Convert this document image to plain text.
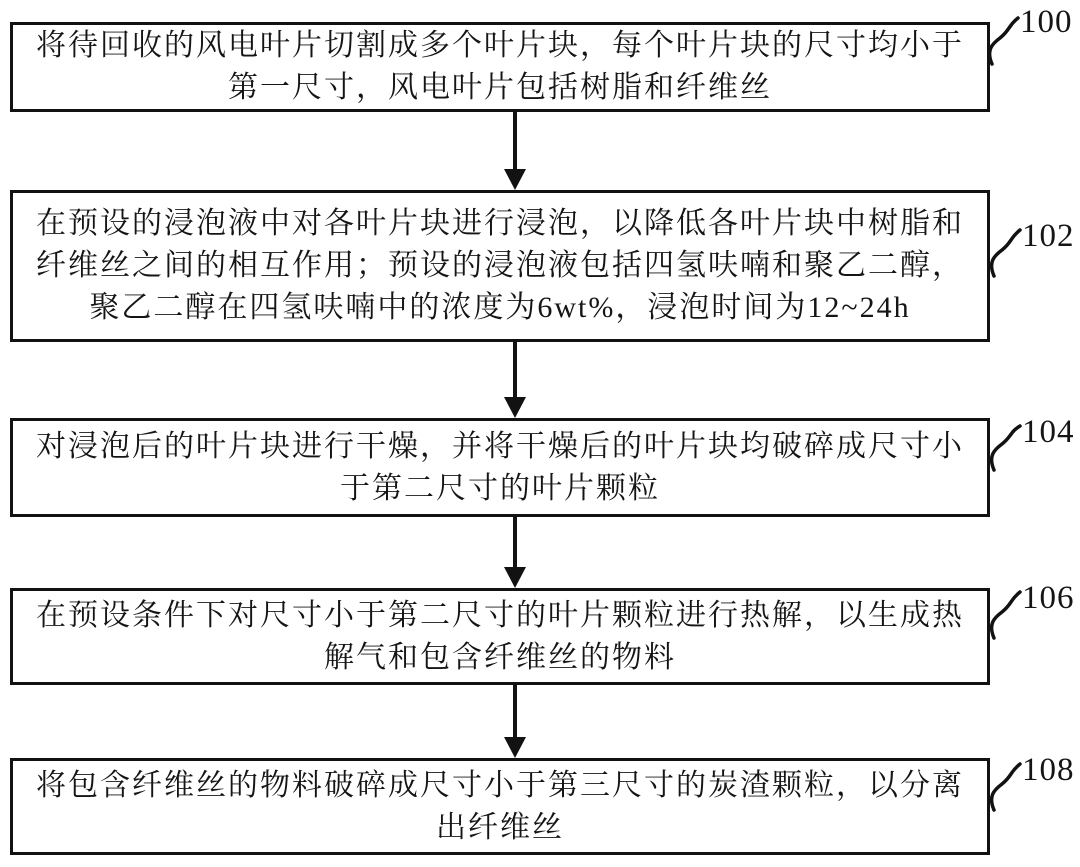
将待回收的风电叶片切割成多个叶片块，每个叶片块的尺寸均小于
第一尺寸，风电叶片包括树脂和纤维丝
100
在预设的浸泡液中对各叶片块进行浸泡，以降低各叶片块中树脂和
纤维丝之间的相互作用；预设的浸泡液包括四氢呋喃和聚乙二醇，
聚乙二醇在四氢呋喃中的浓度为6wt%，浸泡时间为12~24h
102
对浸泡后的叶片块进行干燥，并将干燥后的叶片块均破碎成尺寸小
于第二尺寸的叶片颗粒
104
在预设条件下对尺寸小于第二尺寸的叶片颗粒进行热解，以生成热
解气和包含纤维丝的物料
106
将包含纤维丝的物料破碎成尺寸小于第三尺寸的炭渣颗粒，以分离
出纤维丝
108
